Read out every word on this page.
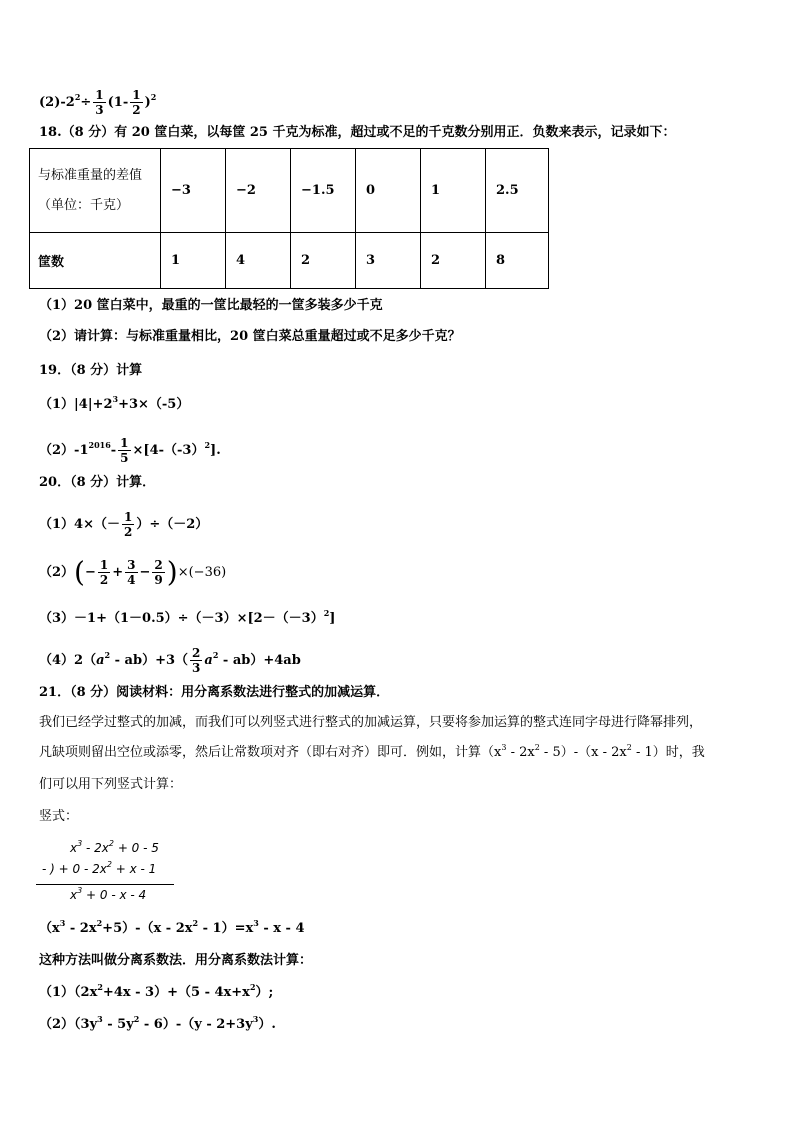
$(2)-2^2\div \frac{1}{3} (1- \frac{1}{2} )^2$
18.（8 分）有 20 筐白菜，以每筐 25 千克为标准，超过或不足的千克数分别用正．负数来表示，记录如下：
与标准重量的差值
（单位：千克）	−3	−2	−1.5	0	1	2.5
筐数	1	4	2	3	2	8
（1）20 筐白菜中，最重的一筐比最轻的一筐多装多少千克
（2）请计算：与标准重量相比，20 筐白菜总重量超过或不足多少千克？
19．（8 分）计算
$(1)|4|+2^3+3\times(-5)$
$(2)-1^{2016}- \frac{1}{5} \times[4-(-3)^2]$.
20．（8 分）计算．
$(1)4\times(- \frac{1}{2} )\div(-2)$
$(2)(- \frac{1}{2} + \frac{3}{4} - \frac{2}{9} )\times(-36)$
$(3)-1+(1-0.5)\div(-3)\times[2-(-3)^2]$
$(4)2(a^2 - ab)+3( \frac{2}{3} a^2 - ab)+4ab$
21．（8 分）阅读材料：用分离系数法进行整式的加减运算．
我们已经学过整式的加减，而我们可以列竖式进行整式的加减运算，只要将参加运算的整式连同字母进行降幂排列，
凡缺项则留出空位或添零，然后让常数项对齐（即右对齐）即可．例如，计算$(x^3 - 2x^2 - 5)-(x - 2x^2 - 1)$时，我
们可以用下列竖式计算：
竖式：
$x^3 - 2x^2 + 0 - 5$
- ) + $0 - 2x^2 + x - 1$
$x^3 + 0 - x - 4$
$(x^3 - 2x^2+5)-(x - 2x^2 - 1)=x^3 - x - 4$
这种方法叫做分离系数法．用分离系数法计算：
$(1)(2x^2+4x - 3)+(5 - 4x+x^2)$;
$(2)(3y^3 - 5y^2 - 6)-(y - 2+3y^3)$.
